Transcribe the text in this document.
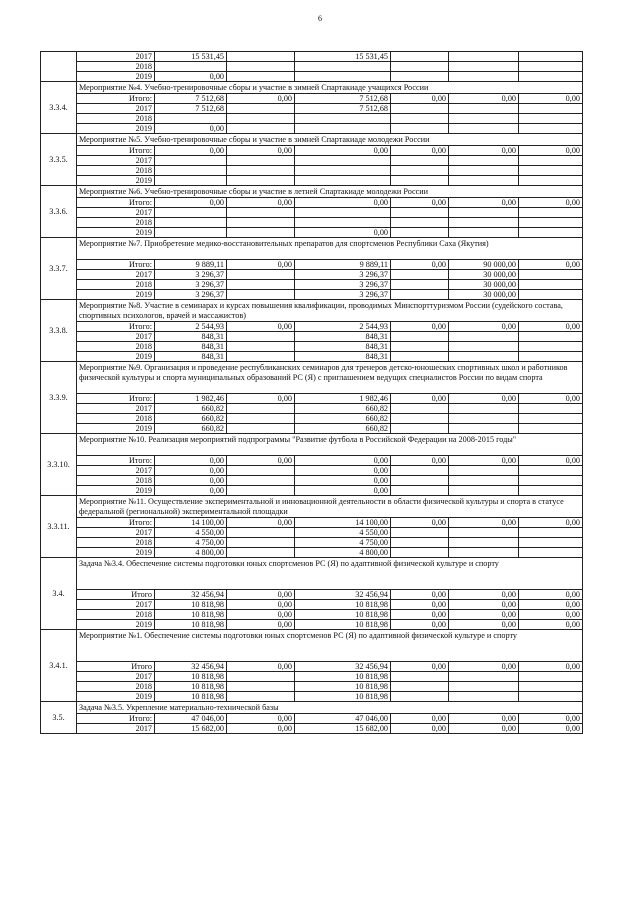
6
	2017	15 531,45		15 531,45			
	2018						
	2019	0,00					
3.3.4.	Мероприятие №4. Учебно-тренировочные сборы и участие в зимней Спартакиаде учащихся России						
	Итого:	7 512,68	0,00	7 512,68	0,00	0,00	0,00
	2017	7 512,68		7 512,68			
	2018						
	2019	0,00					
3.3.5.	Мероприятие №5. Учебно-тренировочные сборы и участие в зимней Спартакиаде молодежи России						
	Итого:	0,00	0,00	0,00	0,00	0,00	0,00
	2017						
	2018						
	2019						
3.3.6.	Мероприятие №6. Учебно-тренировочные сборы и участие в летней Спартакиаде молодежи России						
	Итого:	0,00	0,00	0,00	0,00	0,00	0,00
	2017						
	2018						
	2019			0,00			
3.3.7.	Мероприятие №7. Приобретение медико-восстановительных препаратов для спортсменов Республики Саха (Якутия)						
	Итого:	9 889,11	0,00	9 889,11	0,00	90 000,00	0,00
	2017	3 296,37		3 296,37		30 000,00	
	2018	3 296,37		3 296,37		30 000,00	
	2019	3 296,37		3 296,37		30 000,00	
3.3.8.	Мероприятие №8. Участие в семинарах и курсах повышения квалификации, проводимых Минспорттуризмом России (судейского состава, спортивных психологов, врачей и массажистов)						
	Итого:	2 544,93	0,00	2 544,93	0,00	0,00	0,00
	2017	848,31		848,31			
	2018	848,31		848,31			
	2019	848,31		848,31			
3.3.9.	Мероприятие №9. Организация и проведение республиканских семинаров для тренеров детско-юношеских спортивных школ и работников физической культуры и спорта муниципальных образований РС (Я) с приглашением ведущих специалистов России по видам спорта						
	Итого:	1 982,46	0,00	1 982,46	0,00	0,00	0,00
	2017	660,82		660,82			
	2018	660,82		660,82			
	2019	660,82		660,82			
3.3.10.	Мероприятие №10. Реализация мероприятий подпрограммы "Развитие футбола в Российской Федерации на 2008-2015 годы"						
	Итого:	0,00	0,00	0,00	0,00	0,00	0,00
	2017	0,00		0,00			
	2018	0,00		0,00			
	2019	0,00		0,00			
3.3.11.	Мероприятие №11. Осуществление экспериментальной и инновационной деятельности в области физической культуры и спорта в статусе федеральной (региональной) экспериментальной площадки						
	Итого:	14 100,00	0,00	14 100,00	0,00	0,00	0,00
	2017	4 550,00		4 550,00			
	2018	4 750,00		4 750,00			
	2019	4 800,00		4 800,00			
3.4.	Задача №3.4. Обеспечение системы подготовки юных спортсменов РС (Я) по адаптивной физической культуре и спорту						
	Итого	32 456,94	0,00	32 456,94	0,00	0,00	0,00
	2017	10 818,98	0,00	10 818,98	0,00	0,00	0,00
	2018	10 818,98	0,00	10 818,98	0,00	0,00	0,00
	2019	10 818,98	0,00	10 818,98	0,00	0,00	0,00
3.4.1.	Мероприятие №1. Обеспечение системы подготовки юных спортсменов РС (Я) по адаптивной физической культуре и спорту						
	Итого	32 456,94	0,00	32 456,94	0,00	0,00	0,00
	2017	10 818,98		10 818,98			
	2018	10 818,98		10 818,98			
	2019	10 818,98		10 818,98			
3.5.	Задача №3.5. Укрепление материально-технической базы						
	Итого:	47 046,00	0,00	47 046,00	0,00	0,00	0,00
	2017	15 682,00	0,00	15 682,00	0,00	0,00	0,00
